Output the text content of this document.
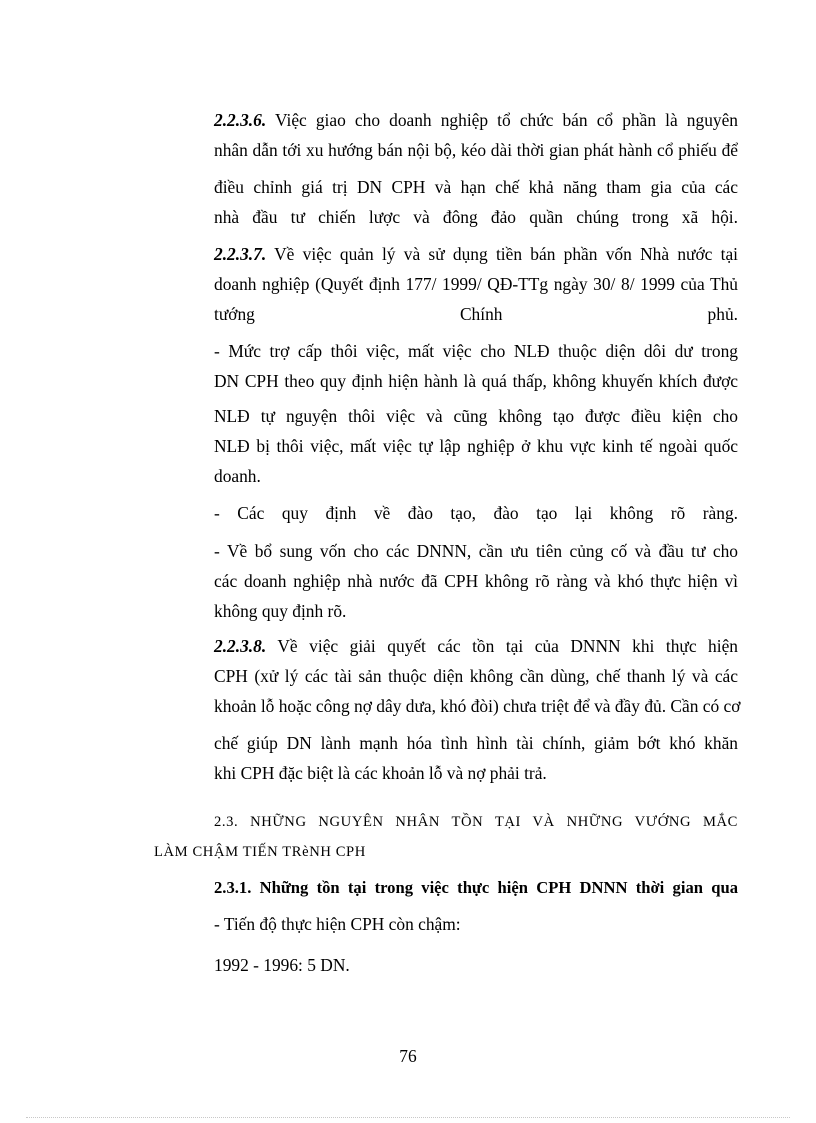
2.2.3.6. Việc giao cho doanh nghiệp tổ chức bán cổ phần là nguyên
nhân dẫn tới xu hướng bán nội bộ, kéo dài thời gian phát hành cổ phiếu để
điều chỉnh giá trị DN CPH và hạn chế khả năng tham gia của các
nhà đầu tư chiến lược và đông đảo quần chúng trong xã hội.
2.2.3.7. Về việc quản lý và sử dụng tiền bán phần vốn Nhà nước tại
doanh nghiệp (Quyết định 177/ 1999/ QĐ-TTg ngày 30/ 8/ 1999 của Thủ
tướng Chính phủ.
- Mức trợ cấp thôi việc, mất việc cho NLĐ thuộc diện dôi dư trong
DN CPH theo quy định hiện hành là quá thấp, không khuyến khích được
NLĐ tự nguyện thôi việc và cũng không tạo được điều kiện cho
NLĐ bị thôi việc, mất việc tự lập nghiệp ở khu vực kinh tế ngoài quốc
doanh.
- Các quy định về đào tạo, đào tạo lại không rõ ràng.
- Về bổ sung vốn cho các DNNN, cần ưu tiên củng cố và đầu tư cho
các doanh nghiệp nhà nước đã CPH không rõ ràng và khó thực hiện vì
không quy định rõ.
2.2.3.8. Về việc giải quyết các tồn tại của DNNN khi thực hiện
CPH (xử lý các tài sản thuộc diện không cần dùng, chế thanh lý và các
khoản lỗ hoặc công nợ dây dưa, khó đòi) chưa triệt để và đầy đủ. Cần có cơ
chế giúp DN lành mạnh hóa tình hình tài chính, giảm bớt khó khăn
khi CPH đặc biệt là các khoản lỗ và nợ phải trả.
2.3. NHỮNG NGUYÊN NHÂN TỒN TẠI VÀ NHỮNG VƯỚNG MẮC
LÀM CHẬM TIẾN TRèNH CPH
2.3.1. Những tồn tại trong việc thực hiện CPH DNNN thời gian qua
- Tiến độ thực hiện CPH còn chậm:
1992 - 1996: 5 DN.
76
